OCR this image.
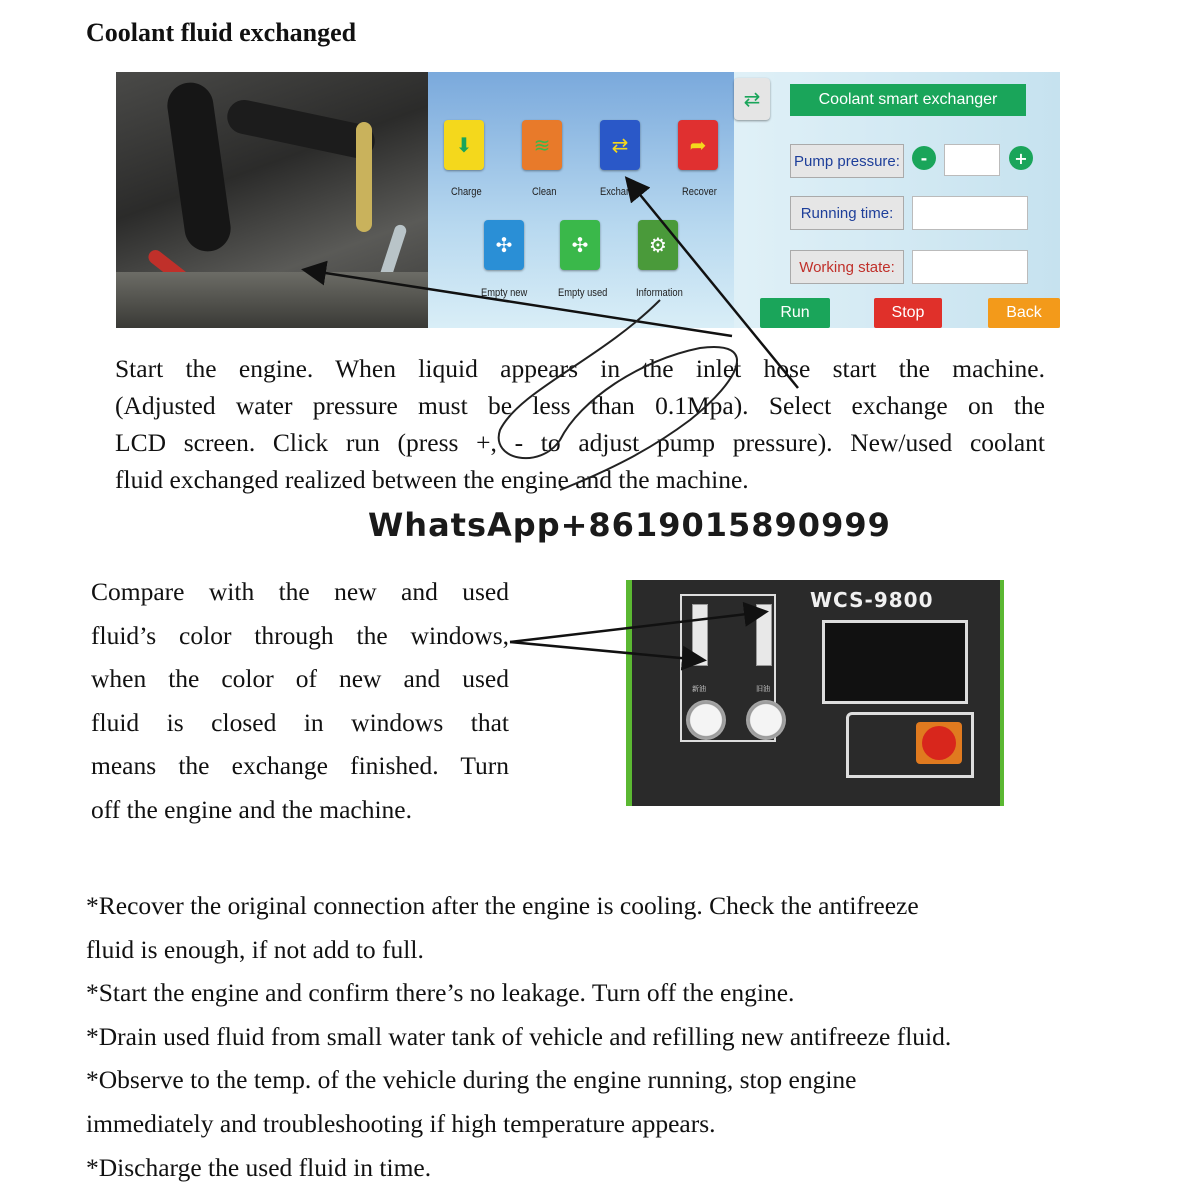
Coolant fluid exchanged
⬇
Charge
≋
Clean
⇄
Exchange
➦
Recover
✣
Empty new
✣
Empty used
⚙
Information
⇄	Coolant smart exchanger
Pump pressure:	-	+
Running time:
Working state:
Run	Stop	Back
Start the engine. When liquid appears in the inlet hose start the machine.
(Adjusted water pressure must be less than 0.1Mpa). Select exchange on the
LCD screen. Click run (press +, - to adjust pump pressure). New/used coolant
fluid exchanged realized between the engine and the machine.
WhatsApp+8619015890999
Compare with the new and used
fluid’s color through the windows,
when the color of new and used
fluid is closed in windows that
means the exchange finished. Turn
off the engine and the machine.
WCS-9800
新油	旧油
*Recover the original connection after the engine is cooling. Check the antifreeze
fluid is enough, if not add to full.
*Start the engine and confirm there’s no leakage. Turn off the engine.
*Drain used fluid from small water tank of vehicle and refilling new antifreeze fluid.
*Observe to the temp. of the vehicle during the engine running, stop engine
immediately and troubleshooting if high temperature appears.
*Discharge the used fluid in time.
